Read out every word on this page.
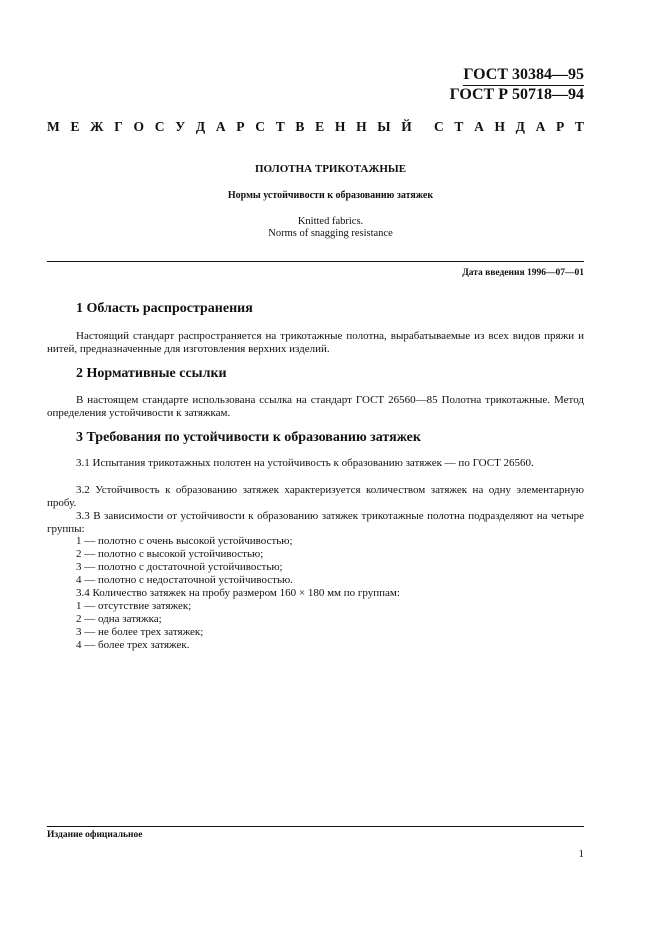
ГОСТ 30384—95
ГОСТ Р 50718—94
М Е Ж Г О С У Д А Р С Т В Е Н Н Ы Й С Т А Н Д А Р Т
ПОЛОТНА ТРИКОТАЖНЫЕ
Нормы устойчивости к образованию затяжек
Knitted fabrics.
Norms of snagging resistance
Дата введения 1996—07—01
1 Область распространения

Настоящий стандарт распространяется на трикотажные полотна, вырабатываемые из всех видов пряжи и нитей, предназначенные для изготовления верхних изделий.

2 Нормативные ссылки

В настоящем стандарте использована ссылка на стандарт ГОСТ 26560—85 Полотна трикотажные. Метод определения устойчивости к затяжкам.

3 Требования по устойчивости к образованию затяжек

3.1 Испытания трикотажных полотен на устойчивость к образованию затяжек — по ГОСТ 26560.

3.2 Устойчивость к образованию затяжек характеризуется количеством затяжек на одну элементарную пробу.

3.3 В зависимости от устойчивости к образованию затяжек трикотажные полотна подразделяют на четыре группы:

1 — полотно с очень высокой устойчивостью;
2 — полотно с высокой устойчивостью;
3 — полотно с достаточной устойчивостью;
4 — полотно с недостаточной устойчивостью.
3.4 Количество затяжек на пробу размером 160 × 180 мм по группам:
1 — отсутствие затяжек;
2 — одна затяжка;
3 — не более трех затяжек;
4 — более трех затяжек.
Издание официальное
1
